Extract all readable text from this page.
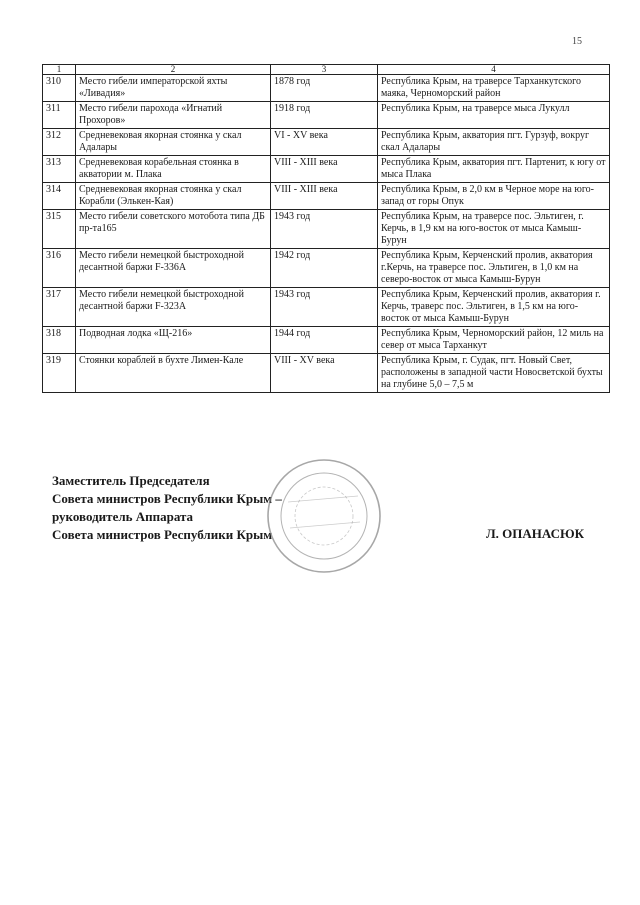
15
1	2	3	4
310	Место гибели императорской яхты «Ливадия»	1878 год	Республика Крым, на траверсе Тарханкутского маяка, Черноморский район
311	Место гибели парохода «Игнатий Прохоров»	1918 год	Республика Крым, на траверсе мыса Лукулл
312	Средневековая якорная стоянка у скал Адалары	VI - XV века	Республика Крым, акватория пгт. Гурзуф, вокруг скал Адалары
313	Средневековая корабельная стоянка в акватории м. Плака	VIII - XIII века	Республика Крым, акватория пгт. Партенит, к югу от мыса Плака
314	Средневековая якорная стоянка у скал Корабли (Элькен-Кая)	VIII - XIII века	Республика Крым, в 2,0 км в Черное море на юго-запад от горы Опук
315	Место гибели советского мотобота типа ДБ пр-та165	1943 год	Республика Крым, на траверсе пос. Эльтиген, г. Керчь, в 1,9 км на юго-восток от мыса Камыш-Бурун
316	Место гибели немецкой быстроходной десантной баржи F-336A	1942 год	Республика Крым, Керченский пролив, акватория г.Керчь, на траверсе пос. Эльтиген, в 1,0 км на северо-восток от мыса Камыш-Бурун
317	Место гибели немецкой быстроходной десантной баржи F-323A	1943 год	Республика Крым, Керченский пролив, акватория г. Керчь, траверс пос. Эльтиген, в 1,5 км на юго-восток от мыса Камыш-Бурун
318	Подводная лодка «Щ-216»	1944 год	Республика Крым, Черноморский район, 12 миль на север от мыса Тарханкут
319	Стоянки кораблей в бухте Лимен-Кале	VIII - XV века	Республика Крым, г. Судак, пгт. Новый Свет, расположены в западной части Новосветской бухты на глубине 5,0 – 7,5 м
Заместитель Председателя
Совета министров Республики Крым –
руководитель Аппарата
Совета министров Республики Крым	Л. ОПАНАСЮК
